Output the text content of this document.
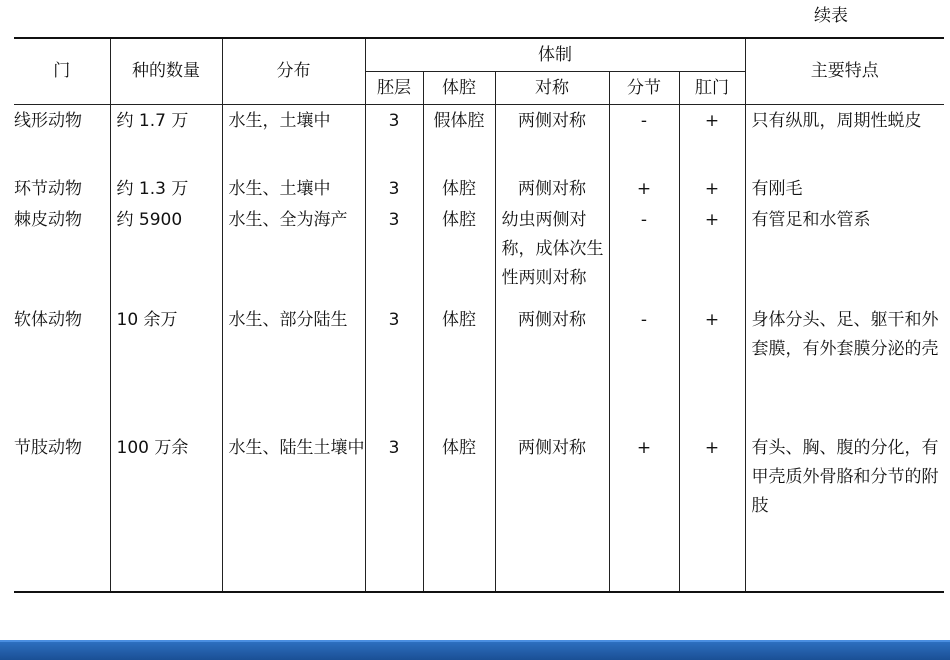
续表
门	种的数量	分布	体制					主要特点
			胚层	体腔	对称	分节	肛门	
线形动物	约 1.7 万	水生，土壤中	3	假体腔	两侧对称	-	+	只有纵肌，周期性蜕皮
环节动物	约 1.3 万	水生、土壤中	3	体腔	两侧对称	+	+	有刚毛
棘皮动物	约 5900	水生、全为海产	3	体腔	幼虫两侧对称，成体次生性两则对称	-	+	有管足和水管系
软体动物	10 余万	水生、部分陆生	3	体腔	两侧对称	-	+	身体分头、足、躯干和外套膜，有外套膜分泌的壳
节肢动物	100 万余	水生、陆生土壤中	3	体腔	两侧对称	+	+	有头、胸、腹的分化，有甲壳质外骨胳和分节的附肢
